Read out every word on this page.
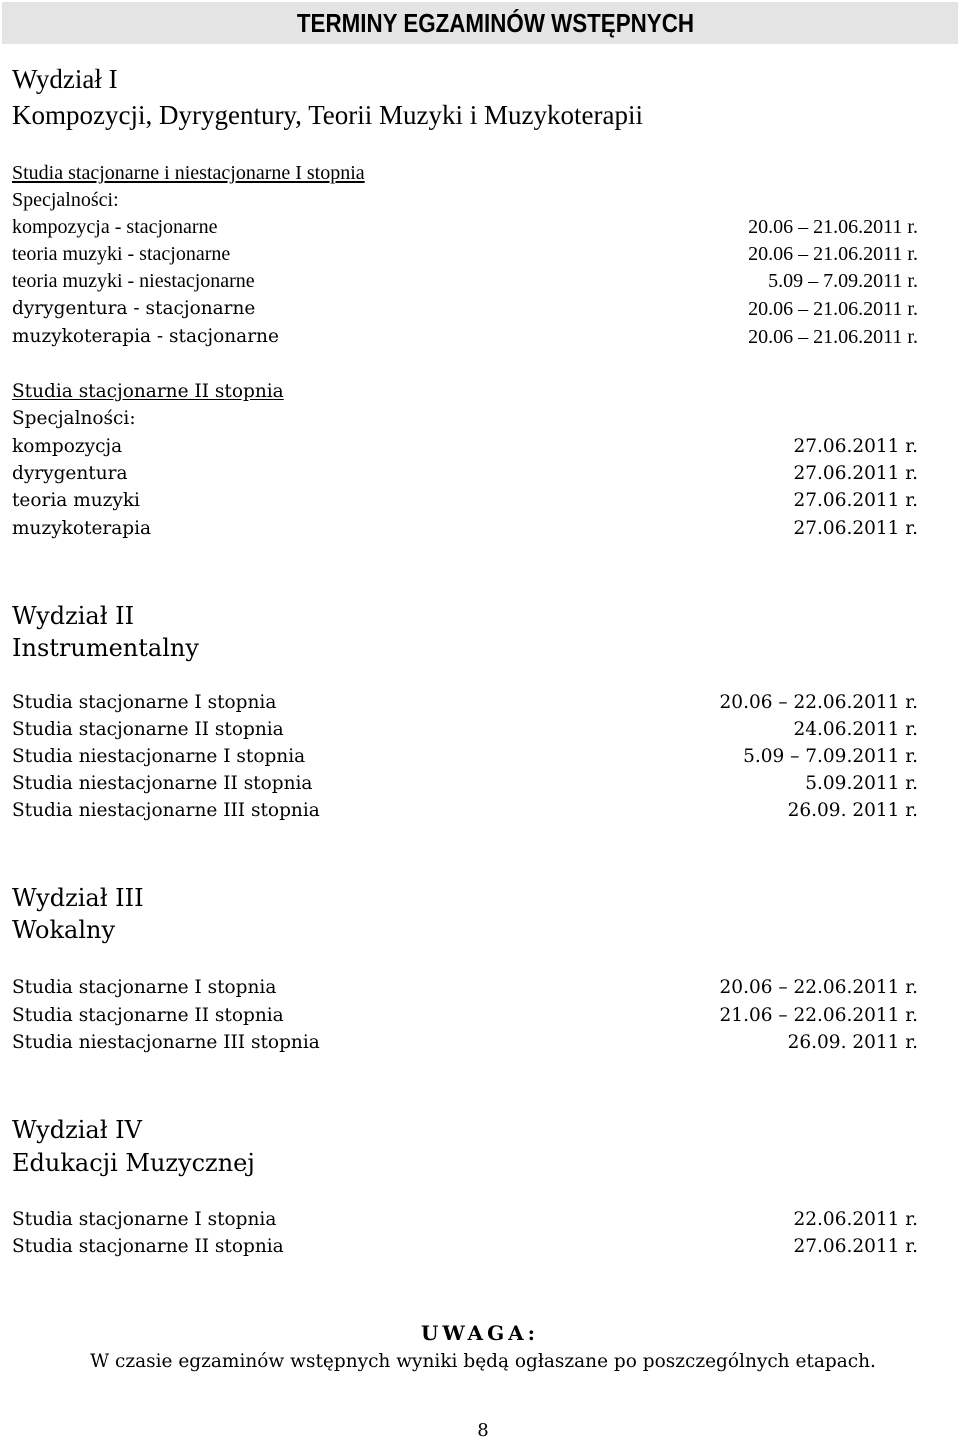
TERMINY EGZAMINÓW WSTĘPNYCH
Wydział I
Kompozycji, Dyrygentury, Teorii Muzyki i Muzykoterapii
Studia stacjonarne i niestacjonarne I stopnia
Specjalności:
kompozycja - stacjonarne	20.06 – 21.06.2011 r.
teoria muzyki - stacjonarne	20.06 – 21.06.2011 r.
teoria muzyki - niestacjonarne	5.09 – 7.09.2011 r.
dyrygentura - stacjonarne	20.06 – 21.06.2011 r.
muzykoterapia - stacjonarne	20.06 – 21.06.2011 r.
Studia stacjonarne II stopnia
Specjalności:
kompozycja	27.06.2011 r.
dyrygentura	27.06.2011 r.
teoria muzyki	27.06.2011 r.
muzykoterapia	27.06.2011 r.
Wydział II
Instrumentalny
Studia stacjonarne I stopnia	20.06 – 22.06.2011 r.
Studia stacjonarne II stopnia	24.06.2011 r.
Studia niestacjonarne I stopnia	5.09 – 7.09.2011 r.
Studia niestacjonarne II stopnia	5.09.2011 r.
Studia niestacjonarne III stopnia	26.09. 2011 r.
Wydział III
Wokalny
Studia stacjonarne I stopnia	20.06 – 22.06.2011 r.
Studia stacjonarne II stopnia	21.06 – 22.06.2011 r.
Studia niestacjonarne III stopnia	26.09. 2011 r.
Wydział IV
Edukacji Muzycznej
Studia stacjonarne I stopnia	22.06.2011 r.
Studia stacjonarne II stopnia	27.06.2011 r.
UWAGA:
W czasie egzaminów wstępnych wyniki będą ogłaszane po poszczególnych etapach.
8
